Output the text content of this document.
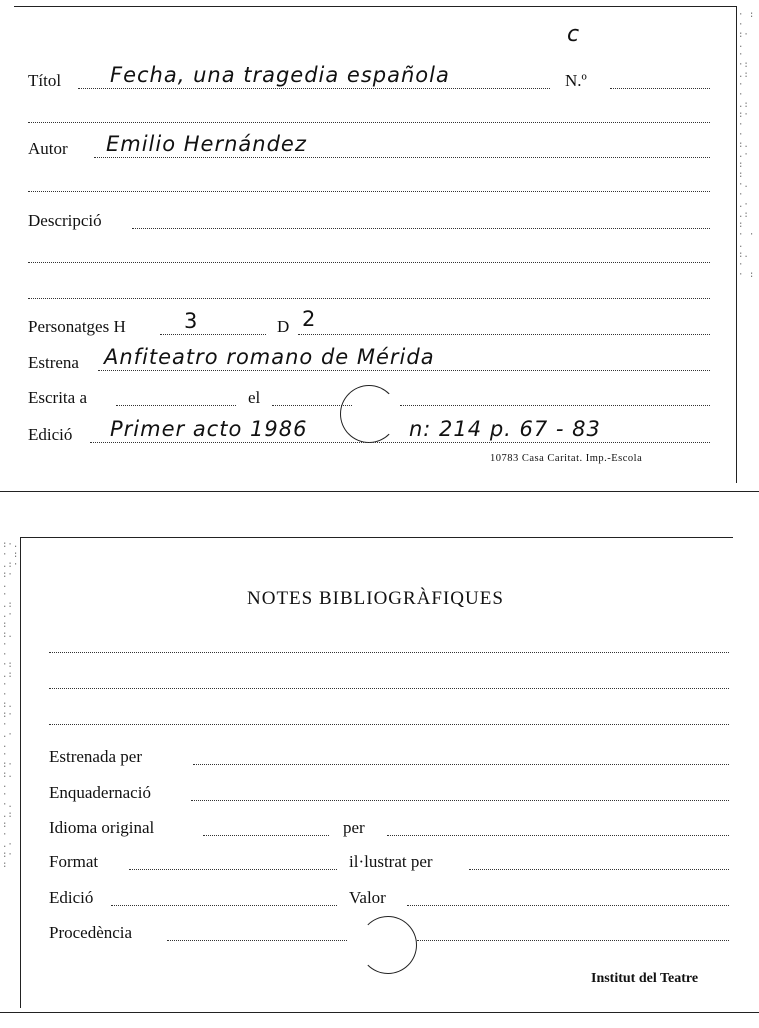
c
Títol Fecha, una tragedia española	N.º
Autor Emilio Hernández
Descripció
Personatges H	3	D 2
Estrena Anfiteatro romano de Mérida
Escrita a	el
Edició Primer acto 1986	n: 214 p. 67 - 83
10783 Casa Caritat. Imp.-Escola
· : ·
:· .
· ·:
.: ·
· .:
:· ·
· :.
.· :
: ·.
· .·
.: :
· · .
:. ·
· :
:·.
· :
.:·
:· .
· .:
.· :
:. ·
· ·:
.: ·
· :.
:· ·
.· .
· :·
:. .
· ·.
.: :
· .·
:· :
NOTES BIBLIOGRÀFIQUES
Estrenada per
Enquadernació
Idioma original	per
Format	il·lustrat per
Edició	Valor
Procedència
Institut del Teatre
